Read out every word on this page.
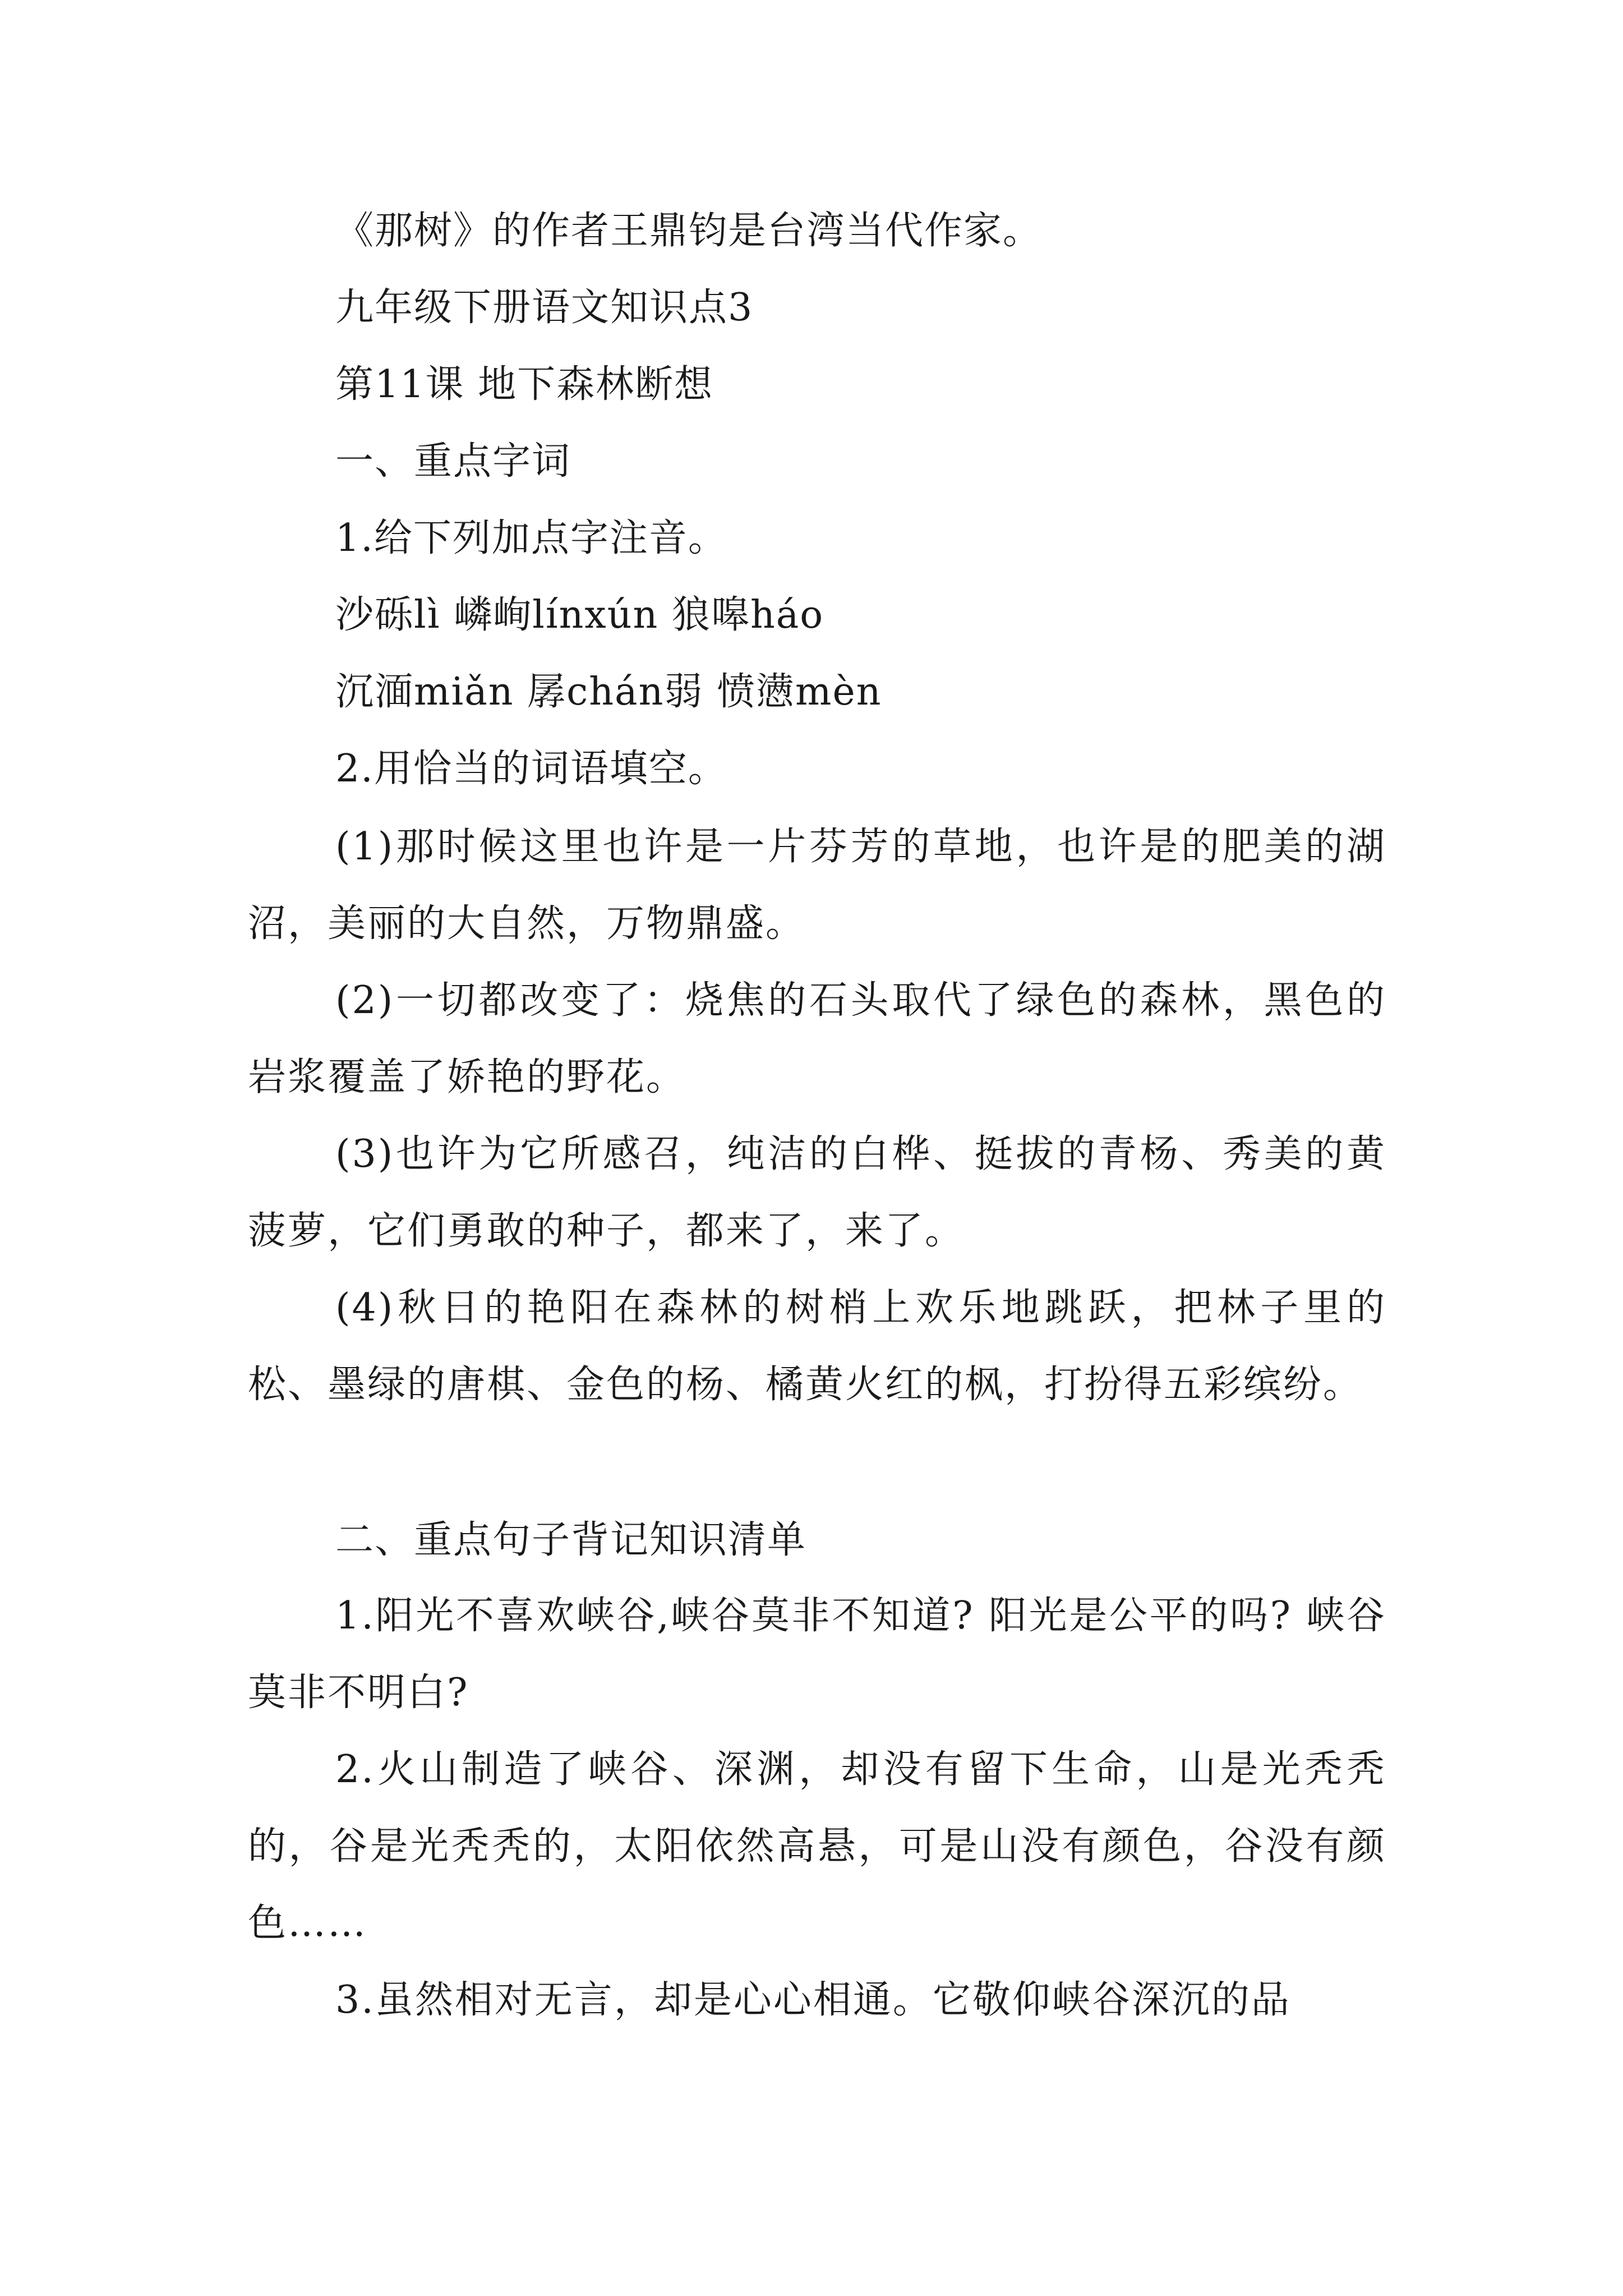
《那树》的作者王鼎钧是台湾当代作家。
九年级下册语文知识点3
第11课 地下森林断想
一、重点字词
1.给下列加点字注音。
沙砾lì 嶙峋línxún 狼嗥háo
沉湎miǎn 孱chán弱 愤懑mèn
2.用恰当的词语填空。
(1)那时候这里也许是一片芬芳的草地，也许是的肥美的湖沼，美丽的大自然，万物鼎盛。
(2)一切都改变了：烧焦的石头取代了绿色的森林，黑色的岩浆覆盖了娇艳的野花。
(3)也许为它所感召，纯洁的白桦、挺拔的青杨、秀美的黄菠萝，它们勇敢的种子，都来了，来了。
(4)秋日的艳阳在森林的树梢上欢乐地跳跃，把林子里的松、墨绿的唐棋、金色的杨、橘黄火红的枫，打扮得五彩缤纷。
二、重点句子背记知识清单
1.阳光不喜欢峡谷,峡谷莫非不知道? 阳光是公平的吗? 峡谷莫非不明白?
2.火山制造了峡谷、深渊，却没有留下生命，山是光秃秃的，谷是光秃秃的，太阳依然高悬，可是山没有颜色，谷没有颜色……
3.虽然相对无言，却是心心相通。它敬仰峡谷深沉的品
